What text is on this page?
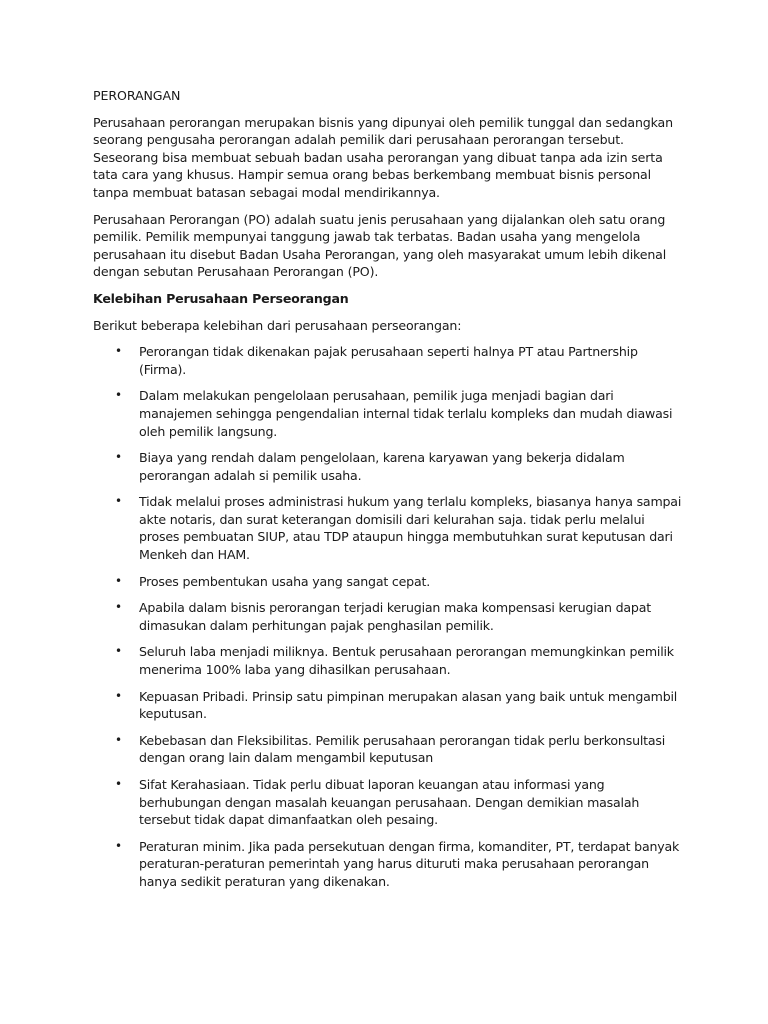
PERORANGAN

Perusahaan perorangan merupakan bisnis yang dipunyai oleh pemilik tunggal dan sedangkan seorang pengusaha perorangan adalah pemilik dari perusahaan perorangan tersebut. Seseorang bisa membuat sebuah badan usaha perorangan yang dibuat tanpa ada izin serta tata cara yang khusus. Hampir semua orang bebas berkembang membuat bisnis personal tanpa membuat batasan sebagai modal mendirikannya.

Perusahaan Perorangan (PO) adalah suatu jenis perusahaan yang dijalankan oleh satu orang pemilik. Pemilik mempunyai tanggung jawab tak terbatas. Badan usaha yang mengelola perusahaan itu disebut Badan Usaha Perorangan, yang oleh masyarakat umum lebih dikenal dengan sebutan Perusahaan Perorangan (PO).

Kelebihan Perusahaan Perseorangan

Berikut beberapa kelebihan dari perusahaan perseorangan:

• Perorangan tidak dikenakan pajak perusahaan seperti halnya PT atau Partnership (Firma).
• Dalam melakukan pengelolaan perusahaan, pemilik juga menjadi bagian dari manajemen sehingga pengendalian internal tidak terlalu kompleks dan mudah diawasi oleh pemilik langsung.
• Biaya yang rendah dalam pengelolaan, karena karyawan yang bekerja didalam perorangan adalah si pemilik usaha.
• Tidak melalui proses administrasi hukum yang terlalu kompleks, biasanya hanya sampai akte notaris, dan surat keterangan domisili dari kelurahan saja. tidak perlu melalui proses pembuatan SIUP, atau TDP ataupun hingga membutuhkan surat keputusan dari Menkeh dan HAM.
• Proses pembentukan usaha yang sangat cepat.
• Apabila dalam bisnis perorangan terjadi kerugian maka kompensasi kerugian dapat dimasukan dalam perhitungan pajak penghasilan pemilik.
• Seluruh laba menjadi miliknya. Bentuk perusahaan perorangan memungkinkan pemilik menerima 100% laba yang dihasilkan perusahaan.
• Kepuasan Pribadi. Prinsip satu pimpinan merupakan alasan yang baik untuk mengambil keputusan.
• Kebebasan dan Fleksibilitas. Pemilik perusahaan perorangan tidak perlu berkonsultasi dengan orang lain dalam mengambil keputusan
• Sifat Kerahasiaan. Tidak perlu dibuat laporan keuangan atau informasi yang berhubungan dengan masalah keuangan perusahaan. Dengan demikian masalah tersebut tidak dapat dimanfaatkan oleh pesaing.
• Peraturan minim. Jika pada persekutuan dengan firma, komanditer, PT, terdapat banyak peraturan-peraturan pemerintah yang harus dituruti maka perusahaan perorangan hanya sedikit peraturan yang dikenakan.
